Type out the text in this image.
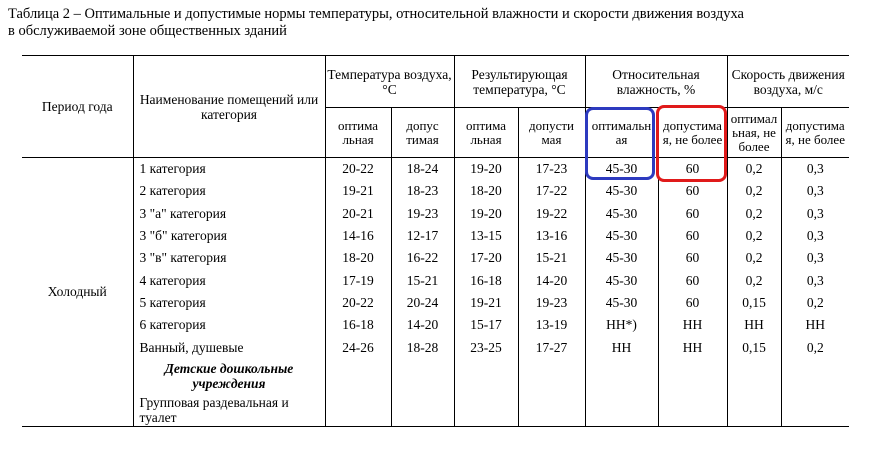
Таблица 2 – Оптимальные и допустимые нормы температуры, относительной влажности и скорости движения воздуха
в обслуживаемой зоне общественных зданий
Период года	Наименование помещений или категория	Температура воздуха, °С		Результирующая температура, °С		Относительная влажность, %		Скорость движения воздуха, м/с	
		оптима льная	допус тимая	оптима льная	допусти мая	оптимальн ая	допустима я, не более	оптимал ьная, не более	допустима я, не более
Холодный	1 категория	20-22	18-24	19-20	17-23	45-30	60	0,2	0,3
	2 категория	19-21	18-23	18-20	17-22	45-30	60	0,2	0,3
	3 "а" категория	20-21	19-23	19-20	19-22	45-30	60	0,2	0,3
	3 "б" категория	14-16	12-17	13-15	13-16	45-30	60	0,2	0,3
	3 "в" категория	18-20	16-22	17-20	15-21	45-30	60	0,2	0,3
	4 категория	17-19	15-21	16-18	14-20	45-30	60	0,2	0,3
	5 категория	20-22	20-24	19-21	19-23	45-30	60	0,15	0,2
	6 категория	16-18	14-20	15-17	13-19	НН*)	НН	НН	НН
	Ванный, душевые	24-26	18-28	23-25	17-27	НН	НН	0,15	0,2
	Детские дошкольные учреждения								
	Групповая раздевальная и туалет								
